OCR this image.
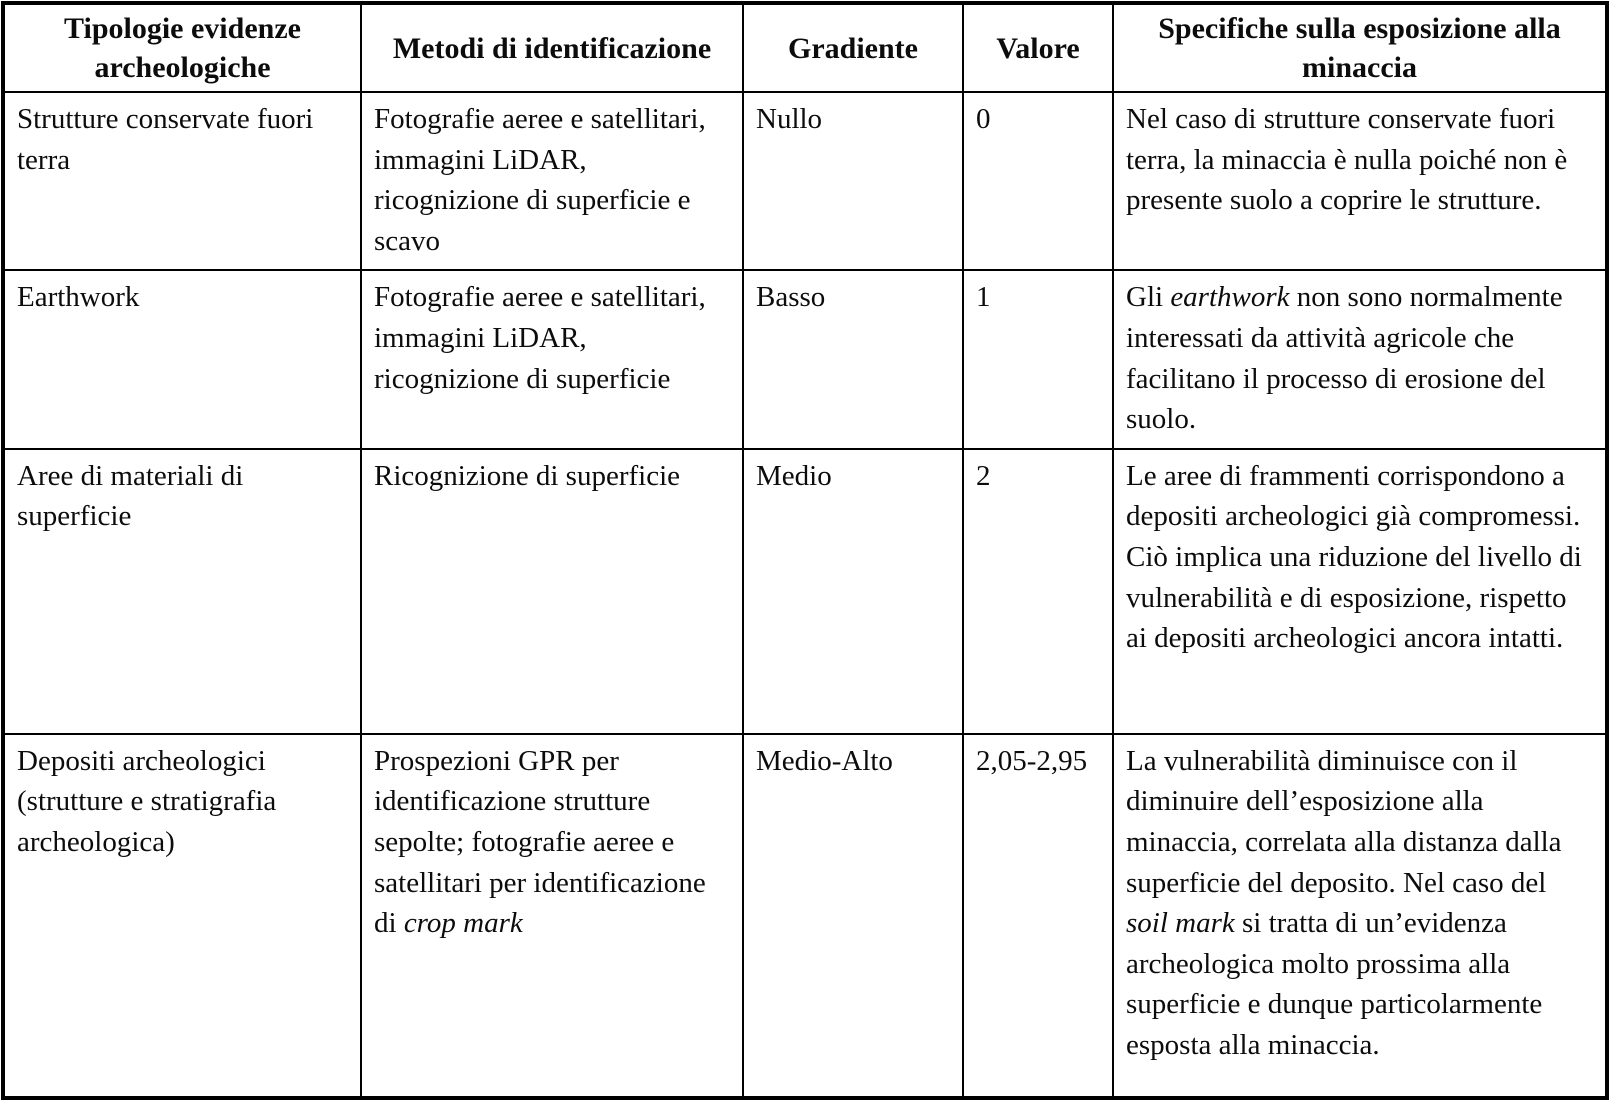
Tipologie evidenze archeologiche	Metodi di identificazione	Gradiente	Valore	Specifiche sulla esposizione alla minaccia
Strutture conservate fuori terra	Fotografie aeree e satellitari, immagini LiDAR, ricognizione di superficie e scavo	Nullo	0	Nel caso di strutture conservate fuori terra, la minaccia è nulla poiché non è presente suolo a coprire le strutture.
Earthwork	Fotografie aeree e satellitari, immagini LiDAR, ricognizione di superficie	Basso	1	Gli earthwork non sono normalmente interessati da attività agricole che facilitano il processo di erosione del suolo.
Aree di materiali di superficie	Ricognizione di superficie	Medio	2	Le aree di frammenti corrispondono a depositi archeologici già compromessi. Ciò implica una riduzione del livello di vulnerabilità e di esposizione, rispetto ai depositi archeologici ancora intatti.
Depositi archeologici (strutture e stratigrafia archeologica)	Prospezioni GPR per identificazione strutture sepolte; fotografie aeree e satellitari per identificazione di crop mark	Medio-Alto	2,05-2,95	La vulnerabilità diminuisce con il diminuire dell’esposizione alla minaccia, correlata alla distanza dalla superficie del deposito. Nel caso del soil mark si tratta di un’evidenza archeologica molto prossima alla superficie e dunque particolarmente esposta alla minaccia.
